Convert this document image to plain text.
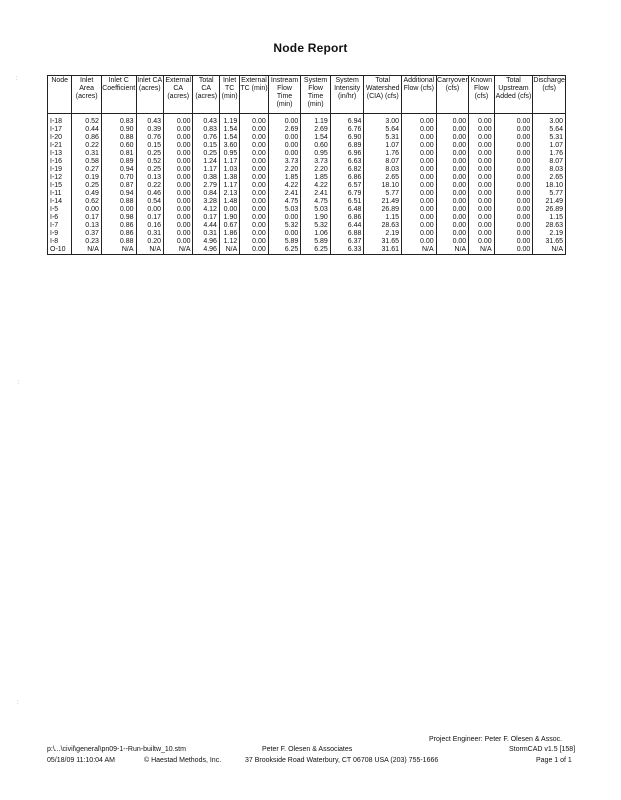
Node Report
Node	Inlet Area (acres)	Inlet C Coefficient	Inlet CA (acres)	External CA (acres)	Total CA (acres)	Inlet TC (min)	External TC (min)	Instream Flow Time (min)	System Flow Time (min)	System Intensity (in/hr)	Total Watershed (CIA) (cfs)	Additional Flow (cfs)	Carryover (cfs)	Known Flow (cfs)	Total Upstream Added (cfs)	Discharge (cfs)
I-18	0.52	0.83	0.43	0.00	0.43	1.19	0.00	0.00	1.19	6.94	3.00	0.00	0.00	0.00	0.00	3.00
I-17	0.44	0.90	0.39	0.00	0.83	1.54	0.00	2.69	2.69	6.76	5.64	0.00	0.00	0.00	0.00	5.64
I-20	0.86	0.88	0.76	0.00	0.76	1.54	0.00	0.00	1.54	6.90	5.31	0.00	0.00	0.00	0.00	5.31
I-21	0.22	0.60	0.15	0.00	0.15	3.60	0.00	0.00	0.60	6.89	1.07	0.00	0.00	0.00	0.00	1.07
I-13	0.31	0.81	0.25	0.00	0.25	0.95	0.00	0.00	0.95	6.96	1.76	0.00	0.00	0.00	0.00	1.76
I-16	0.58	0.89	0.52	0.00	1.24	1.17	0.00	3.73	3.73	6.63	8.07	0.00	0.00	0.00	0.00	8.07
I-19	0.27	0.94	0.25	0.00	1.17	1.03	0.00	2.20	2.20	6.82	8.03	0.00	0.00	0.00	0.00	8.03
I-12	0.19	0.70	0.13	0.00	0.38	1.38	0.00	1.85	1.85	6.86	2.65	0.00	0.00	0.00	0.00	2.65
I-15	0.25	0.87	0.22	0.00	2.79	1.17	0.00	4.22	4.22	6.57	18.10	0.00	0.00	0.00	0.00	18.10
I-11	0.49	0.94	0.46	0.00	0.84	2.13	0.00	2.41	2.41	6.79	5.77	0.00	0.00	0.00	0.00	5.77
I-14	0.62	0.88	0.54	0.00	3.28	1.48	0.00	4.75	4.75	6.51	21.49	0.00	0.00	0.00	0.00	21.49
I-5	0.00	0.00	0.00	0.00	4.12	0.00	0.00	5.03	5.03	6.48	26.89	0.00	0.00	0.00	0.00	26.89
I-6	0.17	0.98	0.17	0.00	0.17	1.90	0.00	0.00	1.90	6.86	1.15	0.00	0.00	0.00	0.00	1.15
I-7	0.13	0.86	0.16	0.00	4.44	0.67	0.00	5.32	5.32	6.44	28.63	0.00	0.00	0.00	0.00	28.63
I-9	0.37	0.86	0.31	0.00	0.31	1.86	0.00	0.00	1.06	6.88	2.19	0.00	0.00	0.00	0.00	2.19
I-8	0.23	0.88	0.20	0.00	4.96	1.12	0.00	5.89	5.89	6.37	31.65	0.00	0.00	0.00	0.00	31.65
O-10	N/A	N/A	N/A	N/A	4.96	N/A	0.00	6.25	6.25	6.33	31.61	N/A	N/A	N/A	0.00	N/A
:
:
:
Project Engineer: Peter F. Olesen & Assoc.
p:\...\civil\general\pn09-1--Run-builtw_10.stm	Peter F. Olesen & Associates	StormCAD v1.5 [158]
05/18/09 11:10:04 AM	© Haestad Methods, Inc.	37 Brookside Road Waterbury, CT 06708 USA (203) 755-1666	Page 1 of 1
